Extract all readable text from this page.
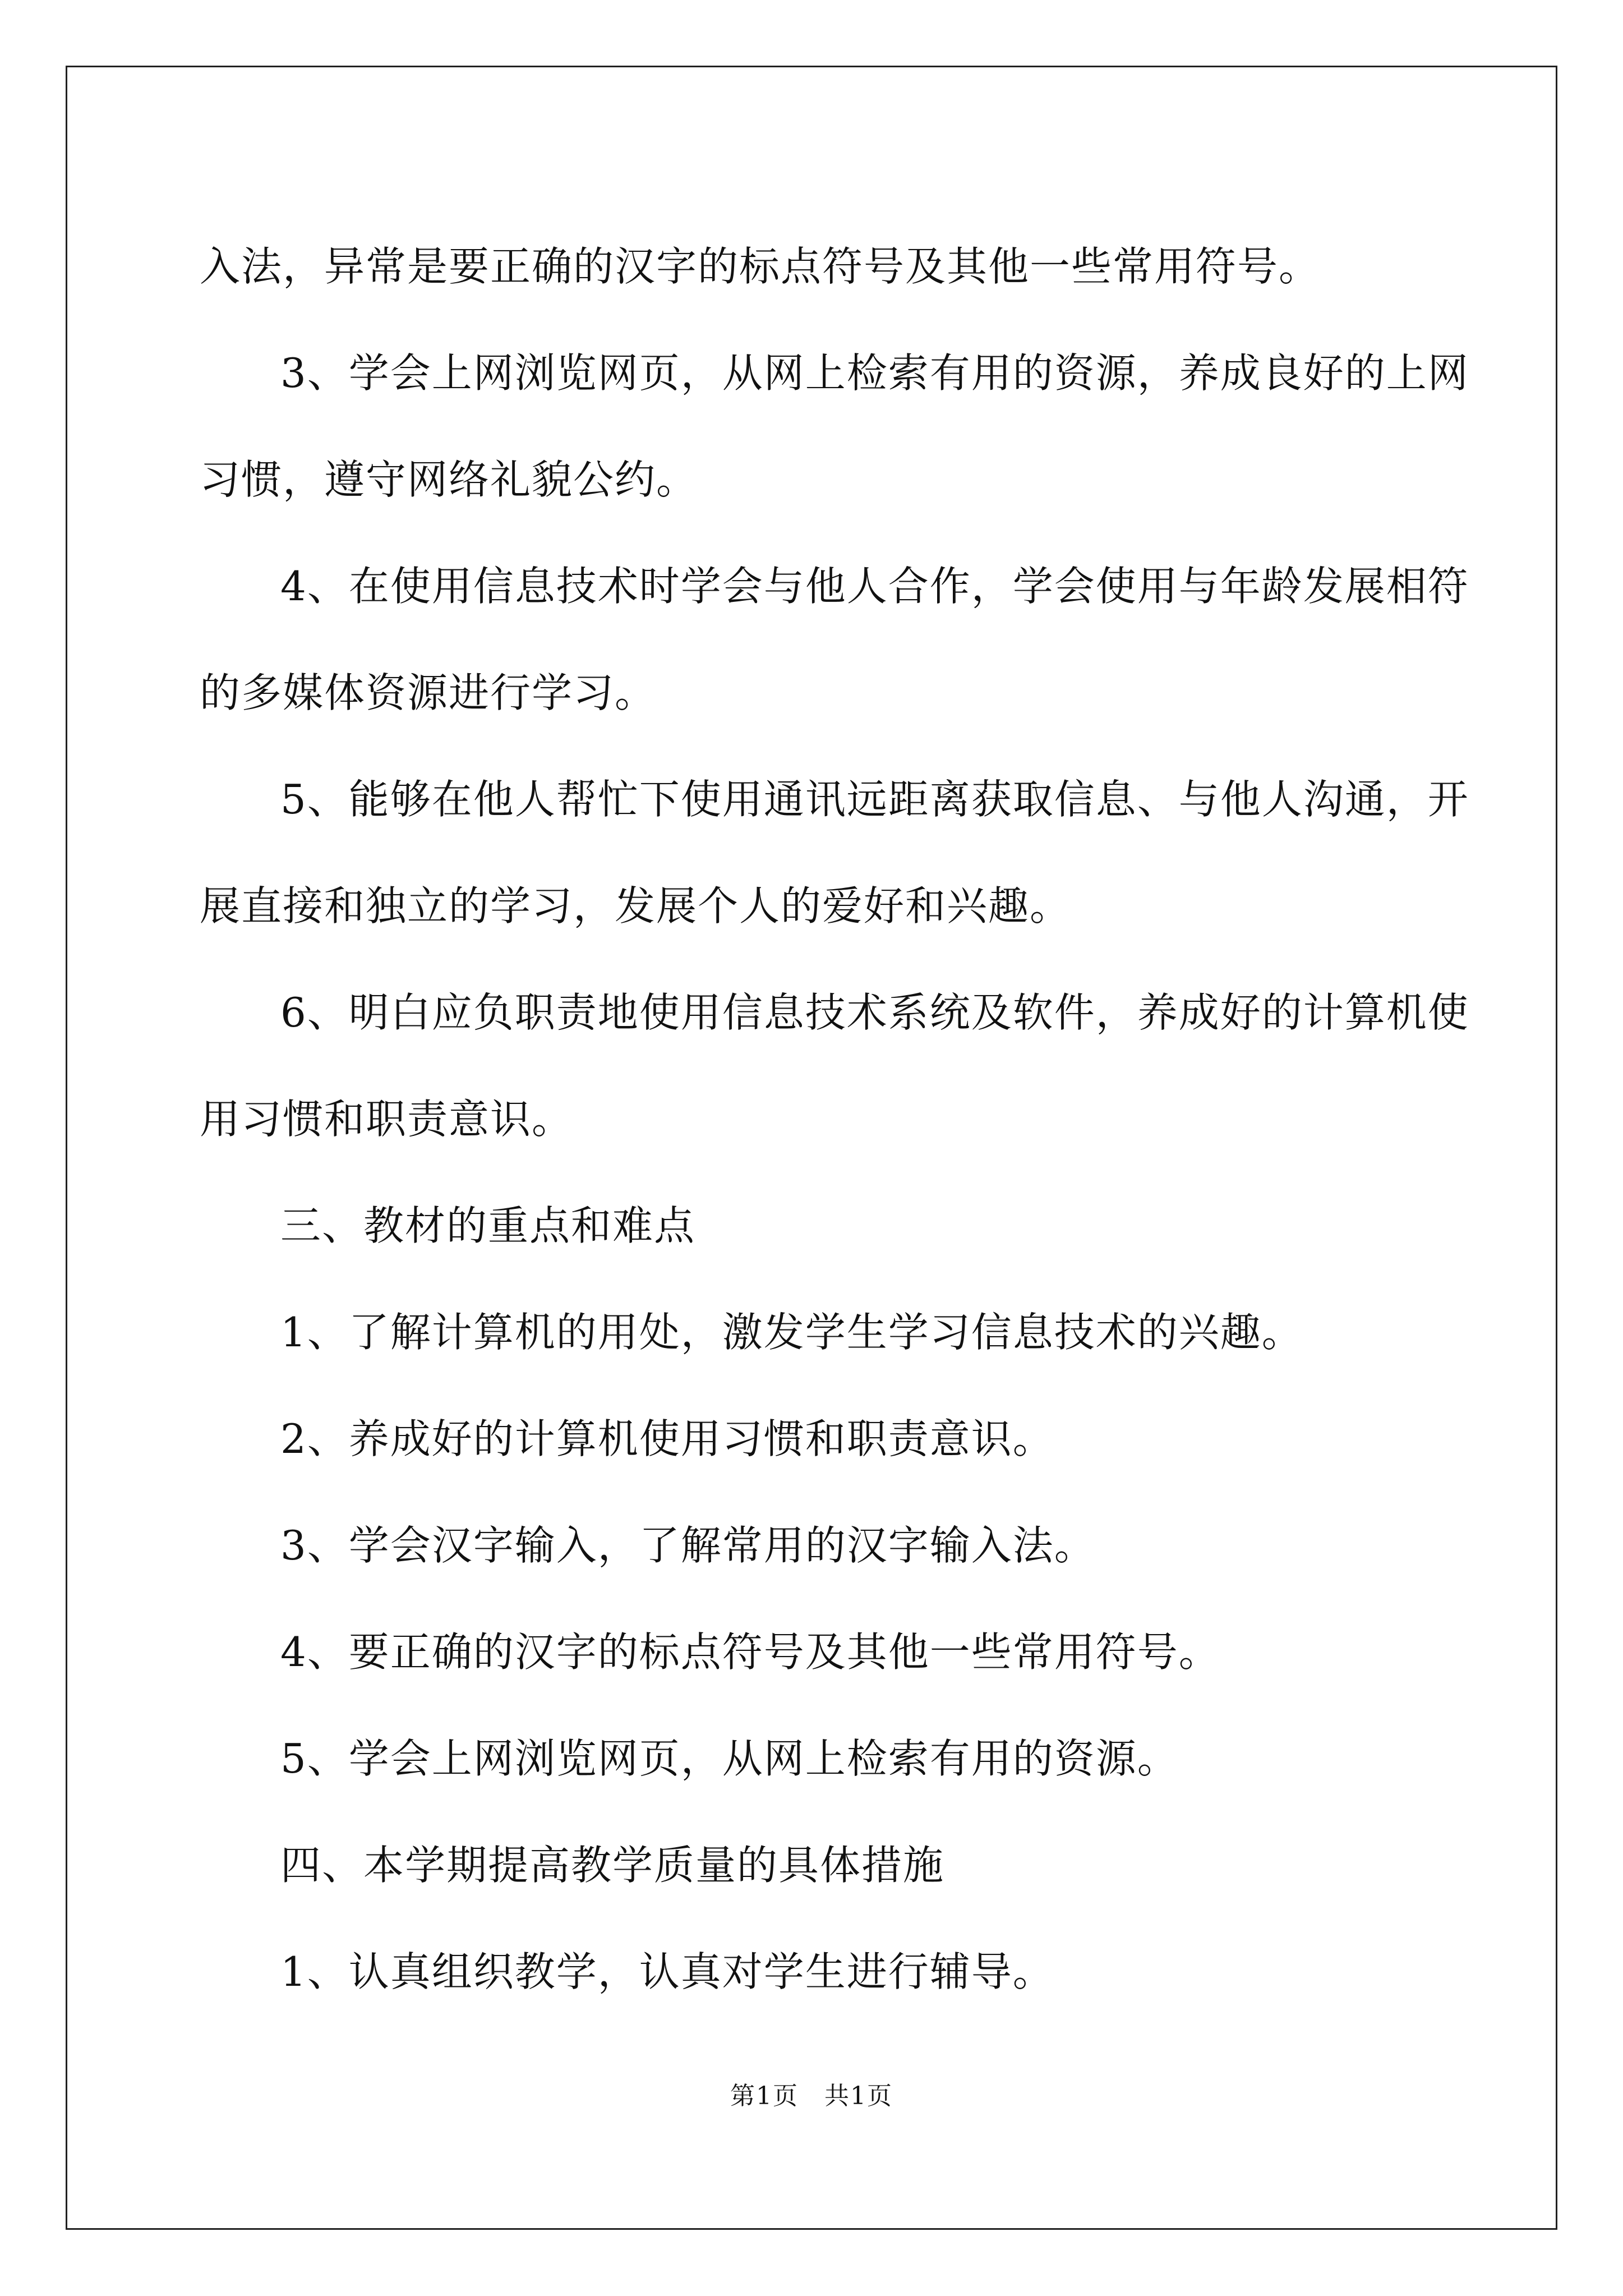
入法，异常是要正确的汉字的标点符号及其他一些常用符号。

3、学会上网浏览网页，从网上检索有用的资源，养成良好的上网

习惯，遵守网络礼貌公约。

4、在使用信息技术时学会与他人合作，学会使用与年龄发展相符

的多媒体资源进行学习。

5、能够在他人帮忙下使用通讯远距离获取信息、与他人沟通，开

展直接和独立的学习，发展个人的爱好和兴趣。

6、明白应负职责地使用信息技术系统及软件，养成好的计算机使

用习惯和职责意识。

三、教材的重点和难点

1、了解计算机的用处，激发学生学习信息技术的兴趣。

2、养成好的计算机使用习惯和职责意识。

3、学会汉字输入，了解常用的汉字输入法。

4、要正确的汉字的标点符号及其他一些常用符号。

5、学会上网浏览网页，从网上检索有用的资源。

四、本学期提高教学质量的具体措施

1、认真组织教学，认真对学生进行辅导。

第1页　共1页
